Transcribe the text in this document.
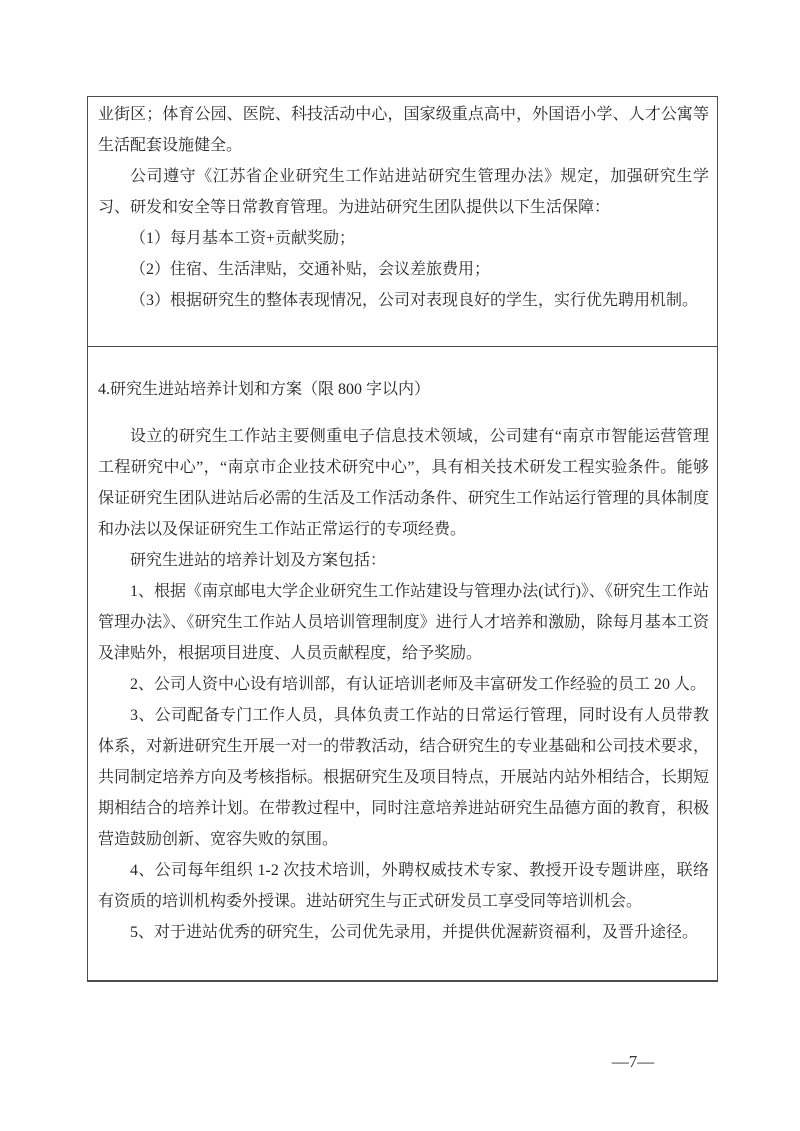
业街区；体育公园、医院、科技活动中心，国家级重点高中，外国语小学、人才公寓等生活配套设施健全。

公司遵守《江苏省企业研究生工作站进站研究生管理办法》规定，加强研究生学习、研发和安全等日常教育管理。为进站研究生团队提供以下生活保障：

（1）每月基本工资+贡献奖励；

（2）住宿、生活津贴，交通补贴，会议差旅费用；

（3）根据研究生的整体表现情况，公司对表现良好的学生，实行优先聘用机制。

4.研究生进站培养计划和方案（限 800 字以内）

设立的研究生工作站主要侧重电子信息技术领域，公司建有“南京市智能运营管理工程研究中心”，“南京市企业技术研究中心”，具有相关技术研发工程实验条件。能够保证研究生团队进站后必需的生活及工作活动条件、研究生工作站运行管理的具体制度和办法以及保证研究生工作站正常运行的专项经费。

研究生进站的培养计划及方案包括：

1、根据《南京邮电大学企业研究生工作站建设与管理办法(试行)》、《研究生工作站管理办法》、《研究生工作站人员培训管理制度》进行人才培养和激励，除每月基本工资及津贴外，根据项目进度、人员贡献程度，给予奖励。

2、公司人资中心设有培训部，有认证培训老师及丰富研发工作经验的员工 20 人。

3、公司配备专门工作人员，具体负责工作站的日常运行管理，同时设有人员带教体系，对新进研究生开展一对一的带教活动，结合研究生的专业基础和公司技术要求，共同制定培养方向及考核指标。根据研究生及项目特点，开展站内站外相结合，长期短期相结合的培养计划。在带教过程中，同时注意培养进站研究生品德方面的教育，积极营造鼓励创新、宽容失败的氛围。

4、公司每年组织 1-2 次技术培训，外聘权威技术专家、教授开设专题讲座，联络有资质的培训机构委外授课。进站研究生与正式研发员工享受同等培训机会。

5、对于进站优秀的研究生，公司优先录用，并提供优渥薪资福利，及晋升途径。

—7—
